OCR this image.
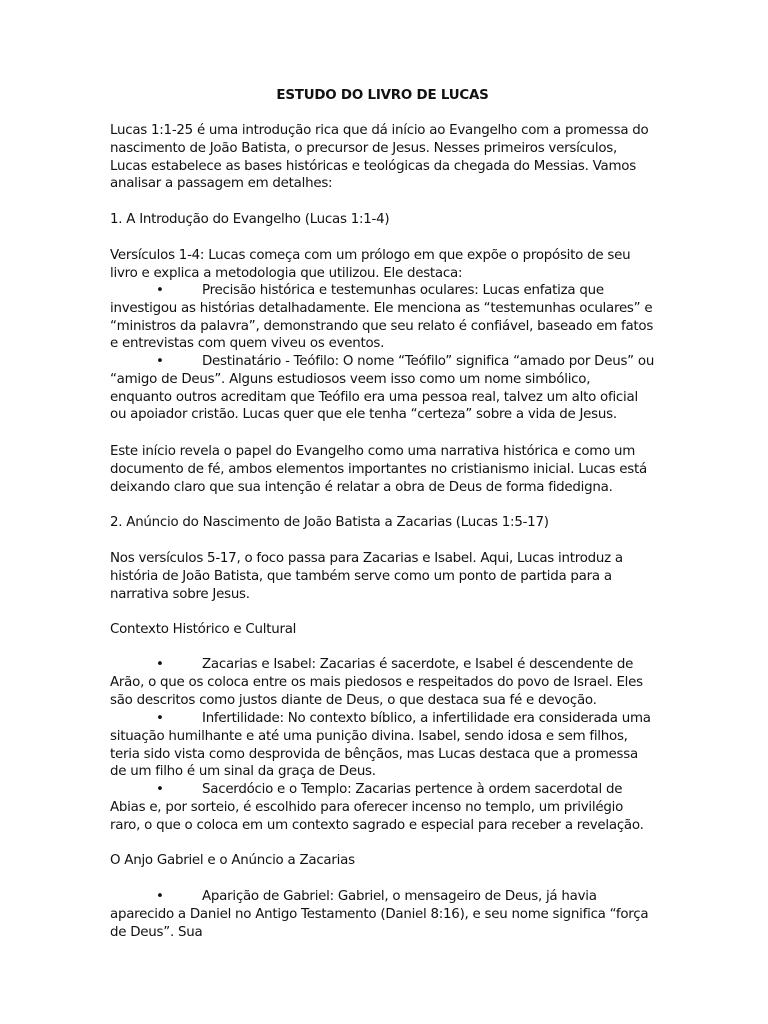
ESTUDO DO LIVRO DE LUCAS

Lucas 1:1-25 é uma introdução rica que dá início ao Evangelho com a promessa do nascimento de João Batista, o precursor de Jesus. Nesses primeiros versículos, Lucas estabelece as bases históricas e teológicas da chegada do Messias. Vamos analisar a passagem em detalhes:

1. A Introdução do Evangelho (Lucas 1:1-4)

Versículos 1-4: Lucas começa com um prólogo em que expõe o propósito de seu livro e explica a metodologia que utilizou. Ele destaca:

•	Precisão histórica e testemunhas oculares: Lucas enfatiza que investigou as histórias detalhadamente. Ele menciona as “testemunhas oculares” e “ministros da palavra”, demonstrando que seu relato é confiável, baseado em fatos e entrevistas com quem viveu os eventos.

•	Destinatário - Teófilo: O nome “Teófilo” significa “amado por Deus” ou “amigo de Deus”. Alguns estudiosos veem isso como um nome simbólico, enquanto outros acreditam que Teófilo era uma pessoa real, talvez um alto oficial ou apoiador cristão. Lucas quer que ele tenha “certeza” sobre a vida de Jesus.

Este início revela o papel do Evangelho como uma narrativa histórica e como um documento de fé, ambos elementos importantes no cristianismo inicial. Lucas está deixando claro que sua intenção é relatar a obra de Deus de forma fidedigna.

2. Anúncio do Nascimento de João Batista a Zacarias (Lucas 1:5-17)

Nos versículos 5-17, o foco passa para Zacarias e Isabel. Aqui, Lucas introduz a história de João Batista, que também serve como um ponto de partida para a narrativa sobre Jesus.

Contexto Histórico e Cultural

•	Zacarias e Isabel: Zacarias é sacerdote, e Isabel é descendente de Arão, o que os coloca entre os mais piedosos e respeitados do povo de Israel. Eles são descritos como justos diante de Deus, o que destaca sua fé e devoção.

•	Infertilidade: No contexto bíblico, a infertilidade era considerada uma situação humilhante e até uma punição divina. Isabel, sendo idosa e sem filhos, teria sido vista como desprovida de bênçãos, mas Lucas destaca que a promessa de um filho é um sinal da graça de Deus.

•	Sacerdócio e o Templo: Zacarias pertence à ordem sacerdotal de Abias e, por sorteio, é escolhido para oferecer incenso no templo, um privilégio raro, o que o coloca em um contexto sagrado e especial para receber a revelação.

O Anjo Gabriel e o Anúncio a Zacarias

•	Aparição de Gabriel: Gabriel, o mensageiro de Deus, já havia aparecido a Daniel no Antigo Testamento (Daniel 8:16), e seu nome significa “força de Deus”. Sua
